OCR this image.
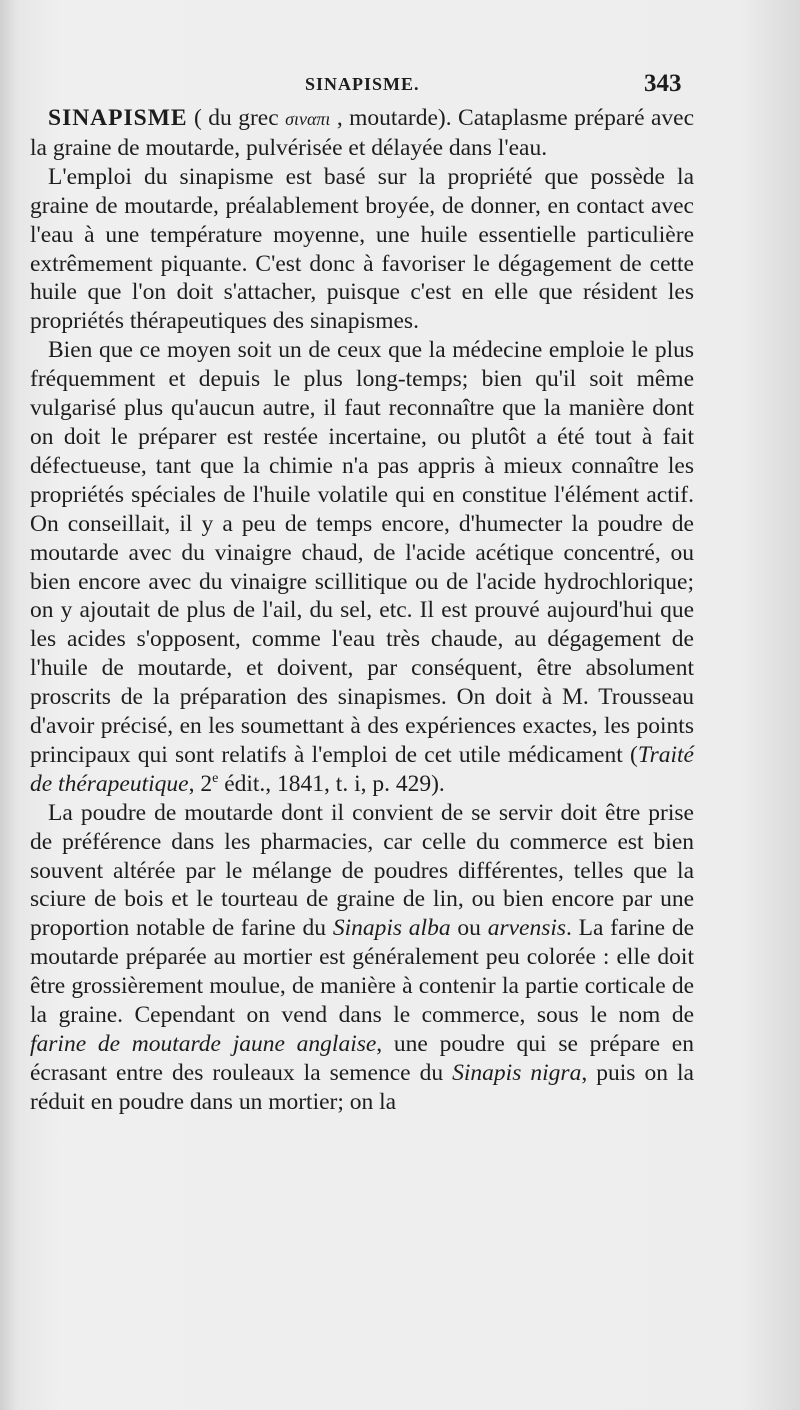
SINAPISME.	343

SINAPISME ( du grec σιναπι , moutarde). Cataplasme préparé avec la graine de moutarde, pulvérisée et délayée dans l'eau.

L'emploi du sinapisme est basé sur la propriété que possède la graine de moutarde, préalablement broyée, de donner, en contact avec l'eau à une température moyenne, une huile essentielle particulière extrêmement piquante. C'est donc à favoriser le dégagement de cette huile que l'on doit s'attacher, puisque c'est en elle que résident les propriétés thérapeutiques des sinapismes.

Bien que ce moyen soit un de ceux que la médecine emploie le plus fréquemment et depuis le plus long-temps; bien qu'il soit même vulgarisé plus qu'aucun autre, il faut reconnaître que la manière dont on doit le préparer est restée incertaine, ou plutôt a été tout à fait défectueuse, tant que la chimie n'a pas appris à mieux connaître les propriétés spéciales de l'huile volatile qui en constitue l'élément actif. On conseillait, il y a peu de temps encore, d'humecter la poudre de moutarde avec du vinaigre chaud, de l'acide acétique concentré, ou bien encore avec du vinaigre scillitique ou de l'acide hydrochlorique; on y ajoutait de plus de l'ail, du sel, etc. Il est prouvé aujourd'hui que les acides s'opposent, comme l'eau très chaude, au dégagement de l'huile de moutarde, et doivent, par conséquent, être absolument proscrits de la préparation des sinapismes. On doit à M. Trousseau d'avoir précisé, en les soumettant à des expériences exactes, les points principaux qui sont relatifs à l'emploi de cet utile médicament (Traité de thérapeutique, 2e édit., 1841, t. i, p. 429).

La poudre de moutarde dont il convient de se servir doit être prise de préférence dans les pharmacies, car celle du commerce est bien souvent altérée par le mélange de poudres différentes, telles que la sciure de bois et le tourteau de graine de lin, ou bien encore par une proportion notable de farine du Sinapis alba ou arvensis. La farine de moutarde préparée au mortier est généralement peu colorée : elle doit être grossièrement moulue, de manière à contenir la partie corticale de la graine. Cependant on vend dans le commerce, sous le nom de farine de moutarde jaune anglaise, une poudre qui se prépare en écrasant entre des rouleaux la semence du Sinapis nigra, puis on la réduit en poudre dans un mortier; on la
